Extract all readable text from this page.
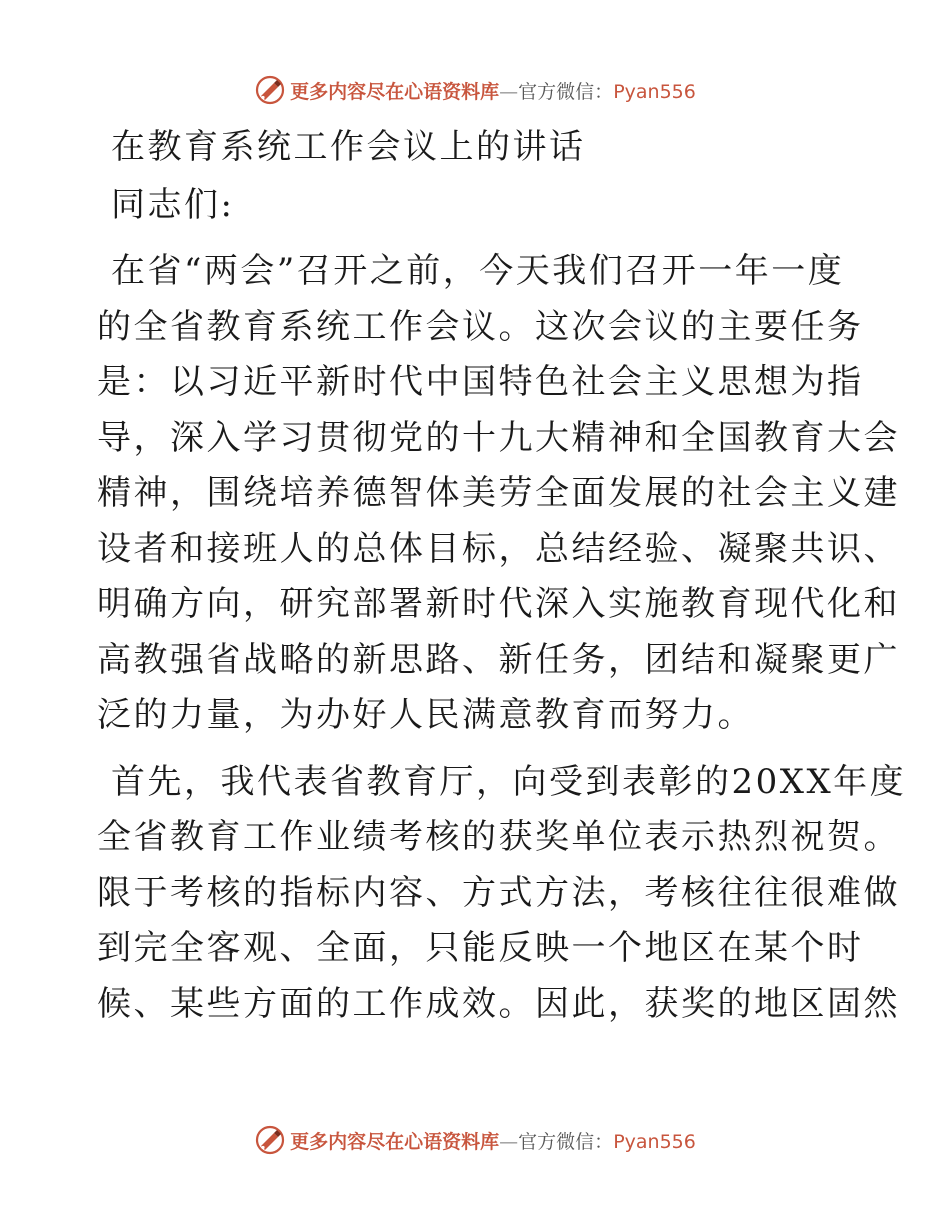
更多内容尽在心语资料库—官方微信：Pyan556
在教育系统工作会议上的讲话
同志们:
在省“两会”召开之前，今天我们召开一年一度
的全省教育系统工作会议。这次会议的主要任务
是：以习近平新时代中国特色社会主义思想为指
导，深入学习贯彻党的十九大精神和全国教育大会
精神，围绕培养德智体美劳全面发展的社会主义建
设者和接班人的总体目标，总结经验、凝聚共识、
明确方向，研究部署新时代深入实施教育现代化和
高教强省战略的新思路、新任务，团结和凝聚更广
泛的力量，为办好人民满意教育而努力。
首先，我代表省教育厅，向受到表彰的20XX年度
全省教育工作业绩考核的获奖单位表示热烈祝贺。
限于考核的指标内容、方式方法，考核往往很难做
到完全客观、全面，只能反映一个地区在某个时
候、某些方面的工作成效。因此，获奖的地区固然
更多内容尽在心语资料库—官方微信：Pyan556
